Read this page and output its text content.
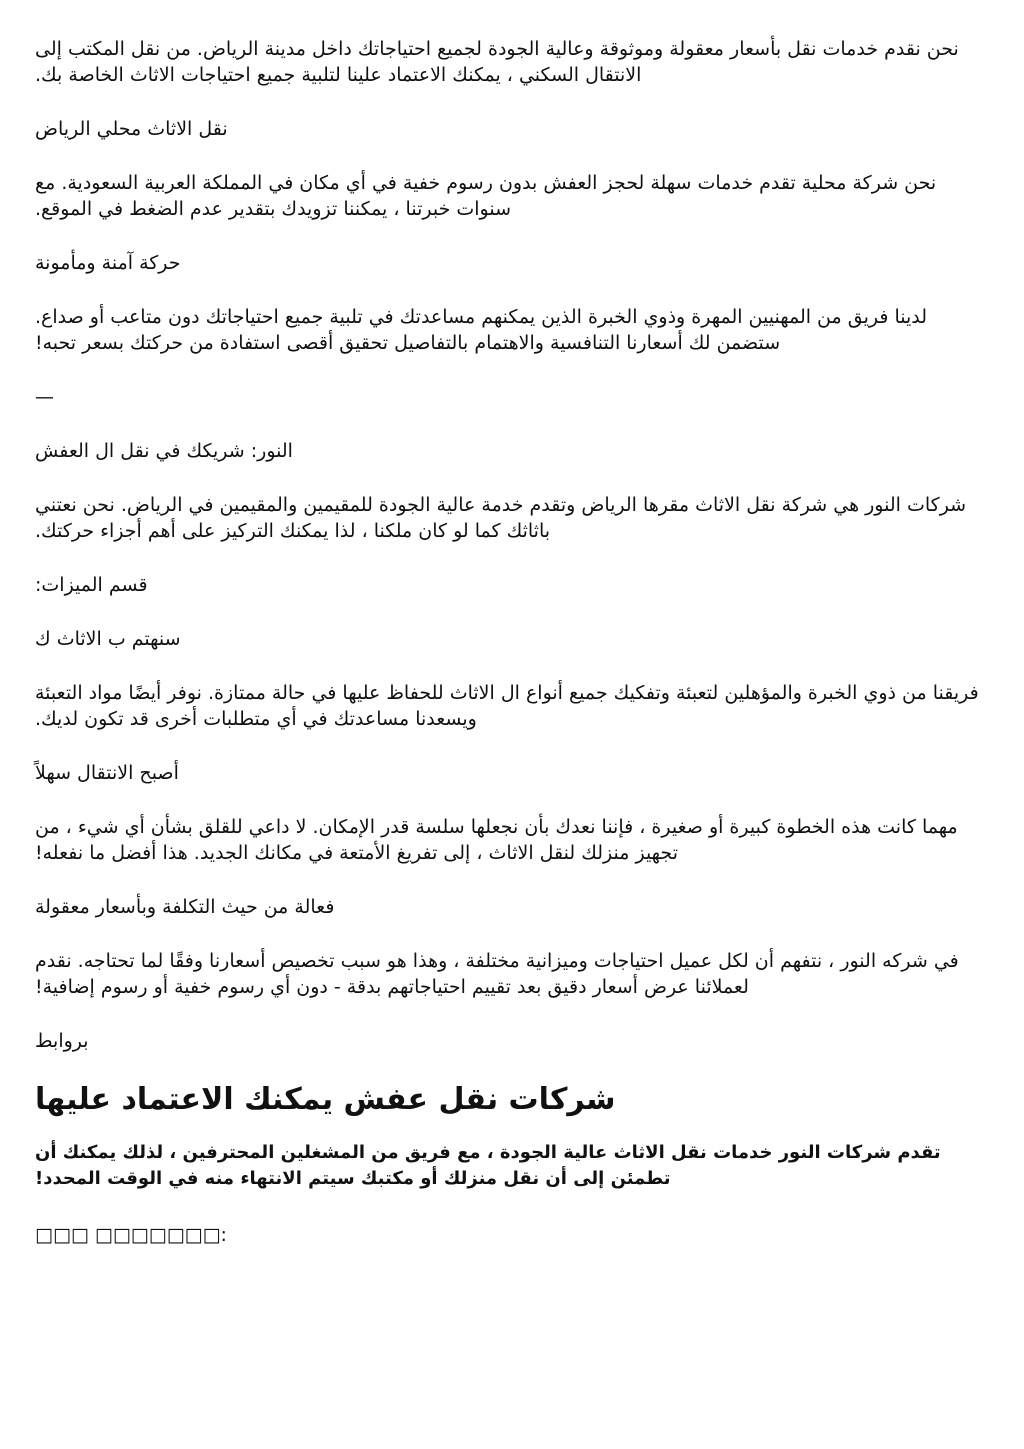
نحن نقدم خدمات نقل بأسعار معقولة وموثوقة وعالية الجودة لجميع احتياجاتك داخل مدينة الرياض. من نقل المكتب إلى الانتقال السكني ، يمكنك الاعتماد علينا لتلبية جميع احتياجات الاثاث الخاصة بك.

نقل الاثاث محلي الرياض

نحن شركة محلية تقدم خدمات سهلة لحجز العفش بدون رسوم خفية في أي مكان في المملكة العربية السعودية. مع سنوات خبرتنا ، يمكننا تزويدك بتقدير عدم الضغط في الموقع.

حركة آمنة ومأمونة

لدينا فريق من المهنيين المهرة وذوي الخبرة الذين يمكنهم مساعدتك في تلبية جميع احتياجاتك دون متاعب أو صداع. ستضمن لك أسعارنا التنافسية والاهتمام بالتفاصيل تحقيق أقصى استفادة من حركتك بسعر تحبه!

—

النور: شريكك في نقل ال العفش

شركات النور هي شركة نقل الاثاث مقرها الرياض وتقدم خدمة عالية الجودة للمقيمين والمقيمين في الرياض. نحن نعتني باثاثك كما لو كان ملكنا ، لذا يمكنك التركيز على أهم أجزاء حركتك.

قسم الميزات:

سنهتم ب الاثاث ك

فريقنا من ذوي الخبرة والمؤهلين لتعبئة وتفكيك جميع أنواع ال الاثاث للحفاظ عليها في حالة ممتازة. نوفر أيضًا مواد التعبئة ويسعدنا مساعدتك في أي متطلبات أخرى قد تكون لديك.

أصبح الانتقال سهلاً

مهما كانت هذه الخطوة كبيرة أو صغيرة ، فإننا نعدك بأن نجعلها سلسة قدر الإمكان. لا داعي للقلق بشأن أي شيء ، من تجهيز منزلك لنقل الاثاث ، إلى تفريغ الأمتعة في مكانك الجديد. هذا أفضل ما نفعله!

فعالة من حيث التكلفة وبأسعار معقولة

في شركه النور ، نتفهم أن لكل عميل احتياجات وميزانية مختلفة ، وهذا هو سبب تخصيص أسعارنا وفقًا لما تحتاجه. نقدم لعملائنا عرض أسعار دقيق بعد تقييم احتياجاتهم بدقة - دون أي رسوم خفية أو رسوم إضافية!

بروابط

شركات نقل عفش يمكنك الاعتماد عليها

تقدم شركات النور خدمات نقل الاثاث عالية الجودة ، مع فريق من المشغلين المحترفين ، لذلك يمكنك أن تطمئن إلى أن نقل منزلك أو مكتبك سيتم الانتهاء منه في الوقت المحدد!

□□□ □□□□□□□:
